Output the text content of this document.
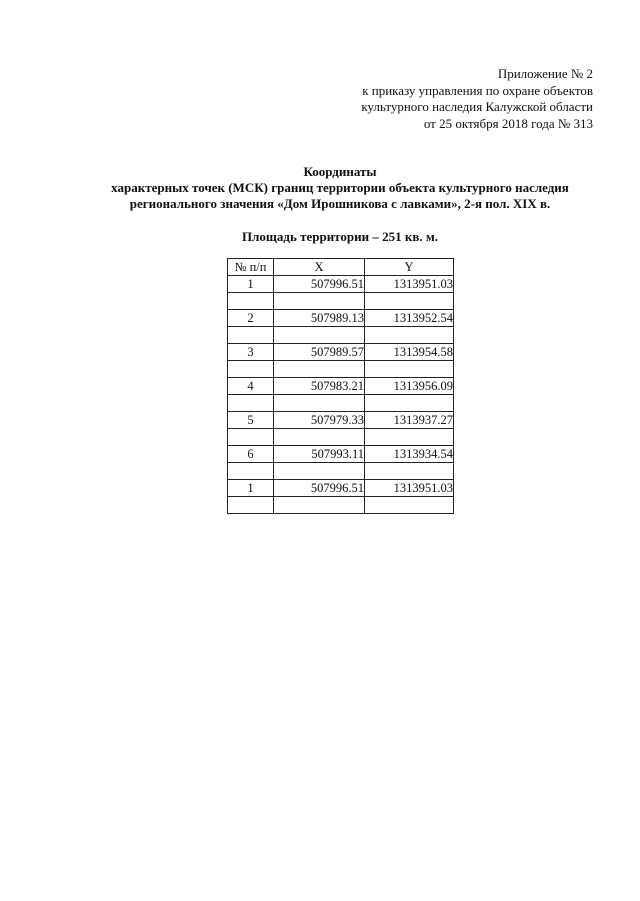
Приложение № 2
к приказу управления по охране объектов
культурного наследия Калужской области
от 25 октября 2018 года № 313
Координаты
характерных точек (МСК) границ территории объекта культурного наследия
регионального значения «Дом Ирошникова с лавками», 2-я пол. XIX в.
Площадь территории – 251 кв. м.
№ п/п	X	Y
1	507996.51	1313951.03

2	507989.13	1313952.54

3	507989.57	1313954.58

4	507983.21	1313956.09

5	507979.33	1313937.27

6	507993.11	1313934.54

1	507996.51	1313951.03
